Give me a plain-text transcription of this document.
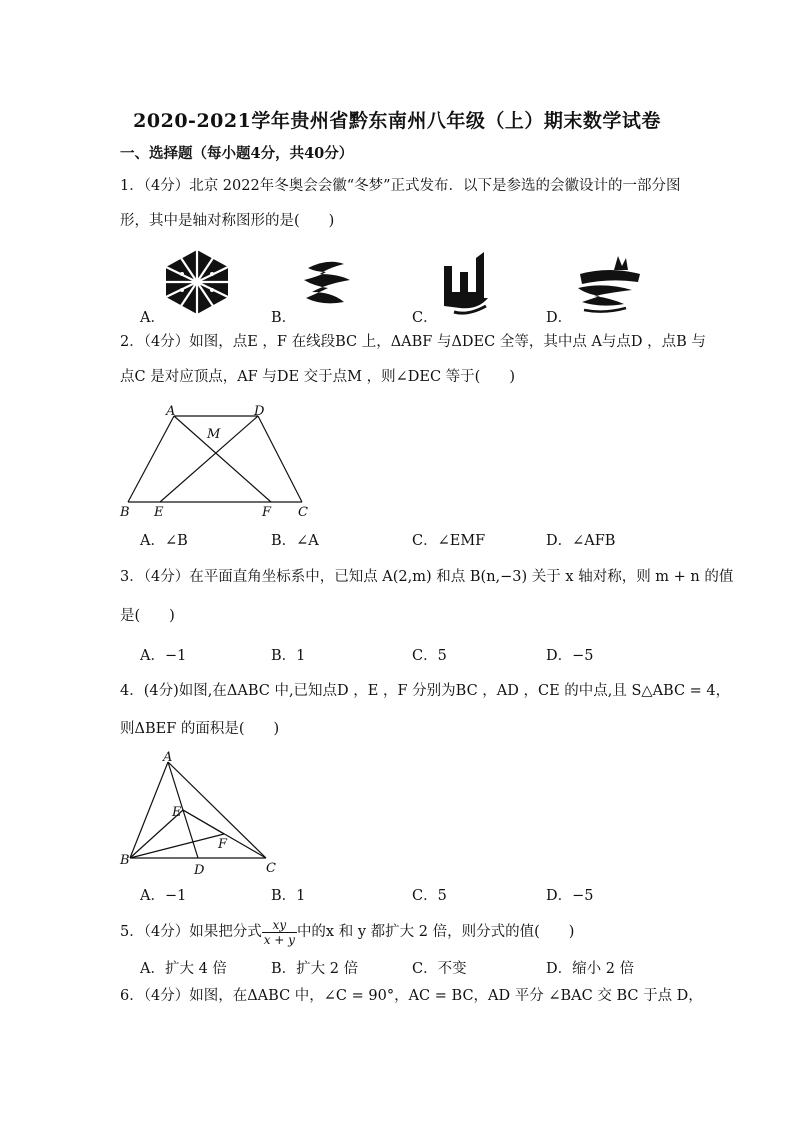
2020-2021学年贵州省黔东南州八年级（上）期末数学试卷
一、选择题（每小题4分，共40分）
1．（4分）北京 2022年冬奥会会徽“冬梦”正式发布．以下是参选的会徽设计的一部分图
形，其中是轴对称图形的是(　　)
A．	B．	C．	D．
2．（4分）如图，点E ，F 在线段BC 上，ΔABF 与ΔDEC 全等，其中点 A与点D ，点B 与
点C 是对应顶点，AF 与DE 交于点M ，则∠DEC 等于(　　)
A	D
M
B E	F C
A．∠B	B．∠A	C．∠EMF	D．∠AFB
3．（4分）在平面直角坐标系中，已知点 A(2,m) 和点 B(n,−3) 关于 x 轴对称，则 m + n 的值
是(　　)
A．−1	B．1	C．5	D．−5
4．(4分)如图,在ΔABC 中,已知点D ，E ，F 分别为BC ，AD ，CE 的中点,且 S△ABC = 4，
则ΔBEF 的面积是(　　)
A
E
F
B
D	C
A．−1	B．1	C．5	D．−5
5．（4分）如果把分式 $\frac{xy}{x + y}$ 中的x 和 y 都扩大 2 倍，则分式的值(　　)
A．扩大 4 倍	B．扩大 2 倍	C．不变	D．缩小 2 倍
6．（4分）如图，在ΔABC 中，∠C = 90°，AC = BC，AD 平分 ∠BAC 交 BC 于点 D，
